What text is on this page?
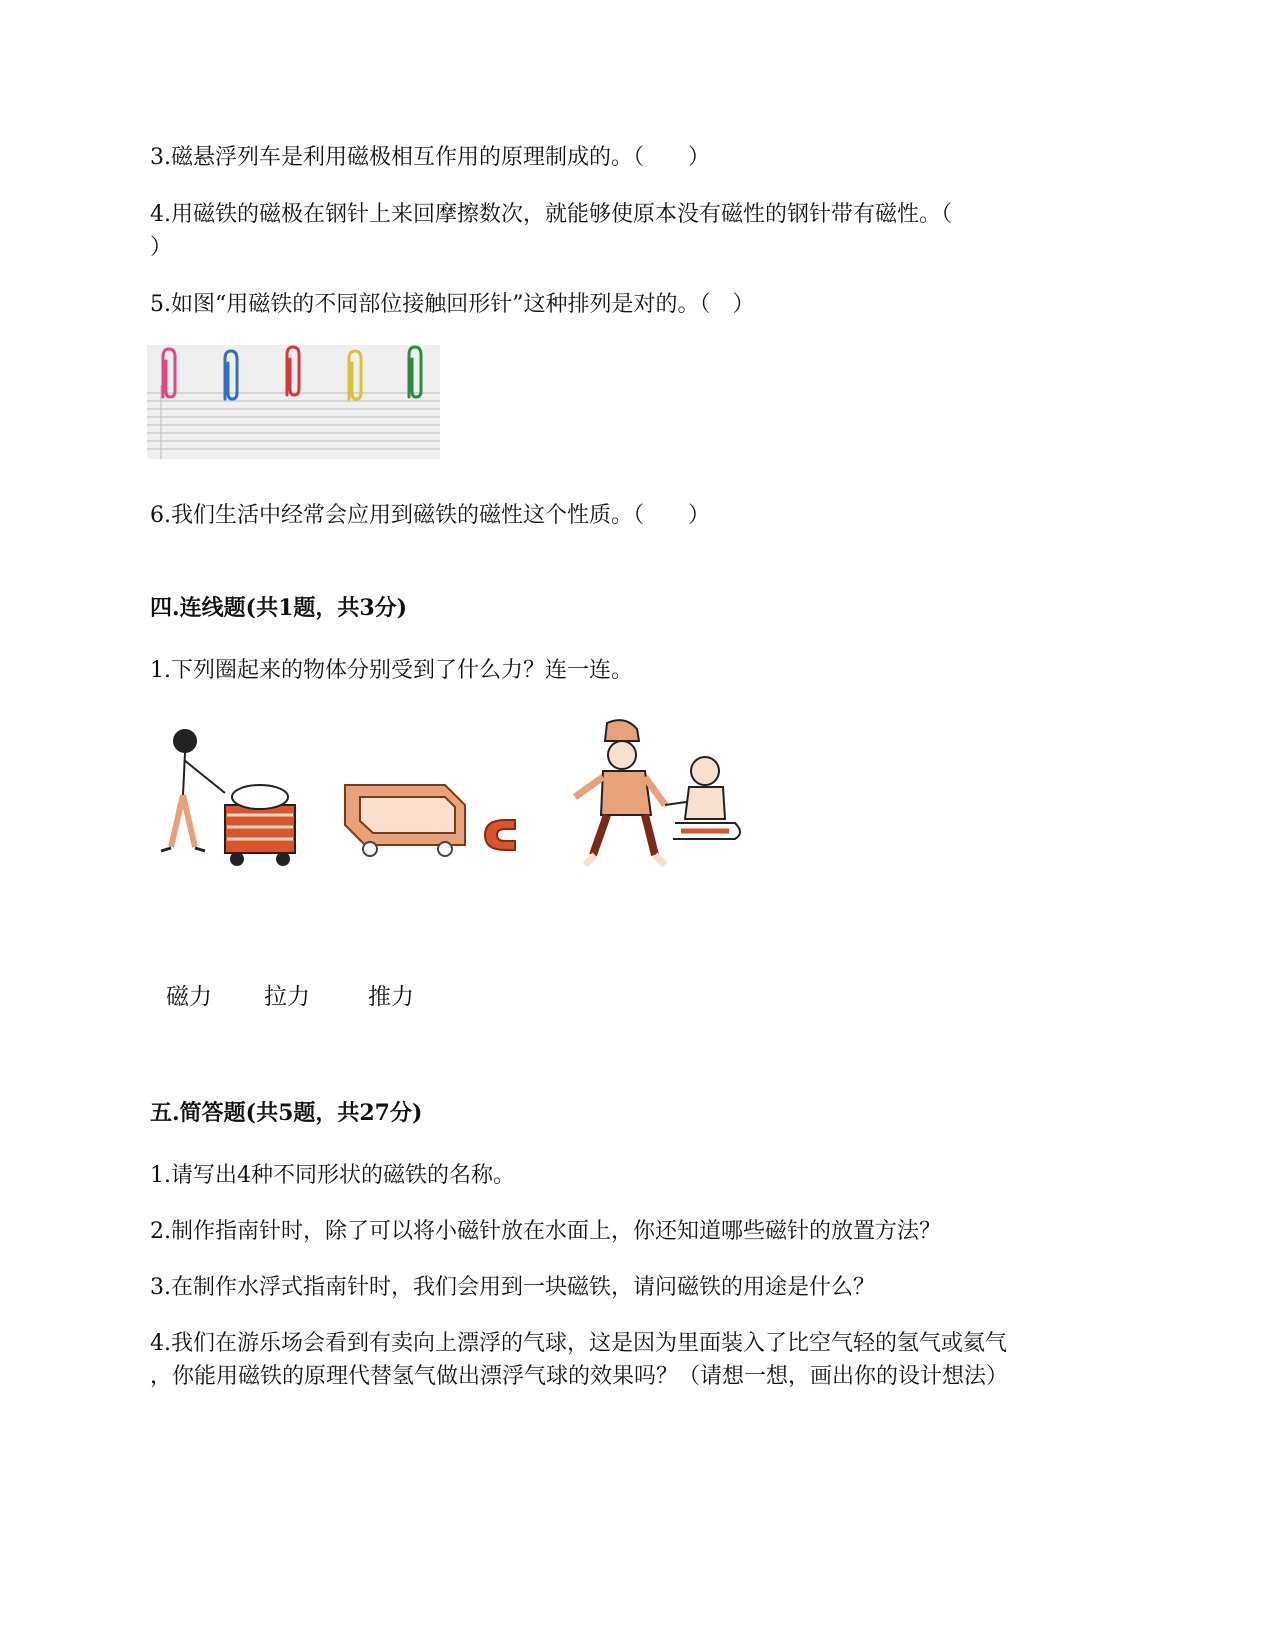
3.磁悬浮列车是利用磁极相互作用的原理制成的。（　　）
4.用磁铁的磁极在钢针上来回摩擦数次，就能够使原本没有磁性的钢针带有磁性。（
）
5.如图“用磁铁的不同部位接触回形针”这种排列是对的。（　）
6.我们生活中经常会应用到磁铁的磁性这个性质。（　　）
四.连线题(共1题，共3分)
1.下列圈起来的物体分别受到了什么力？连一连。
磁力 拉力	推力
五.简答题(共5题，共27分)
1.请写出4种不同形状的磁铁的名称。
2.制作指南针时，除了可以将小磁针放在水面上，你还知道哪些磁针的放置方法？
3.在制作水浮式指南针时，我们会用到一块磁铁，请问磁铁的用途是什么？
4.我们在游乐场会看到有卖向上漂浮的气球，这是因为里面装入了比空气轻的氢气或氦气
，你能用磁铁的原理代替氢气做出漂浮气球的效果吗？（请想一想，画出你的设计想法）
